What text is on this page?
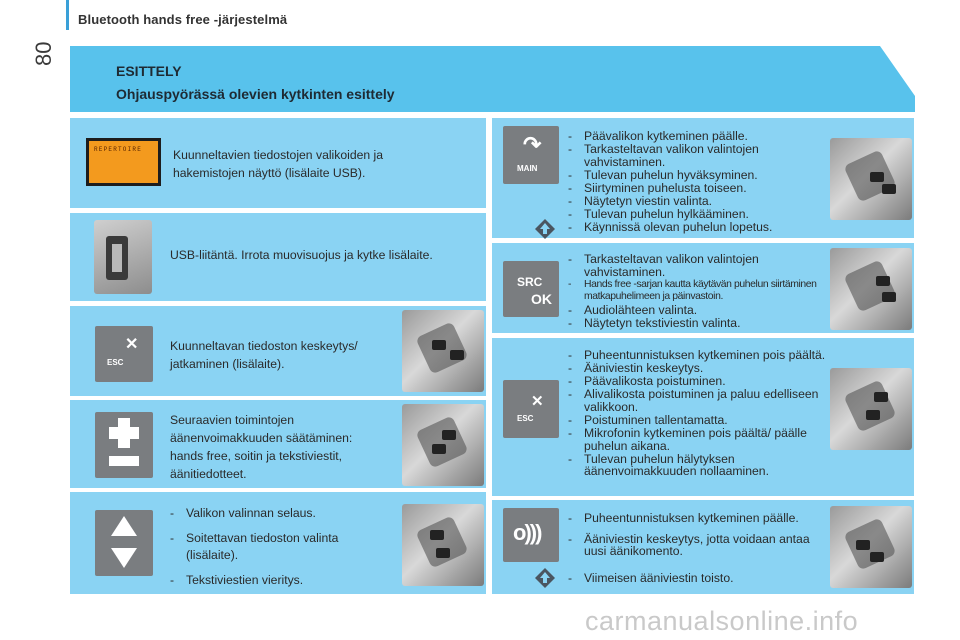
80
Bluetooth hands free -järjestelmä
ESITTELY
Ohjauspyörässä olevien kytkinten esittely
REPERTOIRE	Kuunneltavien tiedostojen valikoiden ja
hakemistojen näyttö (lisälaite USB).
USB-liitäntä. Irrota muovisuojus ja kytke lisälaite.
✕
ESC
Kuunneltavan tiedoston keskeytys/
jatkaminen (lisälaite).
Seuraavien toimintojen
äänenvoimakkuuden säätäminen:
hands free, soitin ja tekstiviestit,
äänitiedotteet.
- Valikon valinnan selaus.
- Soitettavan tiedoston valinta (lisälaite).
- Tekstiviestien vieritys.
↷
MAIN
- Päävalikon kytkeminen päälle.
- Tarkasteltavan valikon valintojen vahvistaminen.
- Tulevan puhelun hyväksyminen.
- Siirtyminen puhelusta toiseen.
- Näytetyn viestin valinta.
- Tulevan puhelun hylkääminen.
- Käynnissä olevan puhelun lopetus.
SRC
OK
- Tarkasteltavan valikon valintojen vahvistaminen.
- Hands free -sarjan kautta käytävän puhelun siirtäminen matkapuhelimeen ja päinvastoin.
- Audiolähteen valinta.
- Näytetyn tekstiviestin valinta.
✕
ESC
- Puheentunnistuksen kytkeminen pois päältä.
- Ääniviestin keskeytys.
- Päävalikosta poistuminen.
- Alivalikosta poistuminen ja paluu edelliseen valikkoon.
- Poistuminen tallentamatta.
- Mikrofonin kytkeminen pois päältä/ päälle puhelun aikana.
- Tulevan puhelun hälytyksen äänenvoimakkuuden nollaaminen.
o)))
- Puheentunnistuksen kytkeminen päälle.
- Ääniviestin keskeytys, jotta voidaan antaa uusi äänikomento.
- Viimeisen ääniviestin toisto.
carmanualsonline.info
